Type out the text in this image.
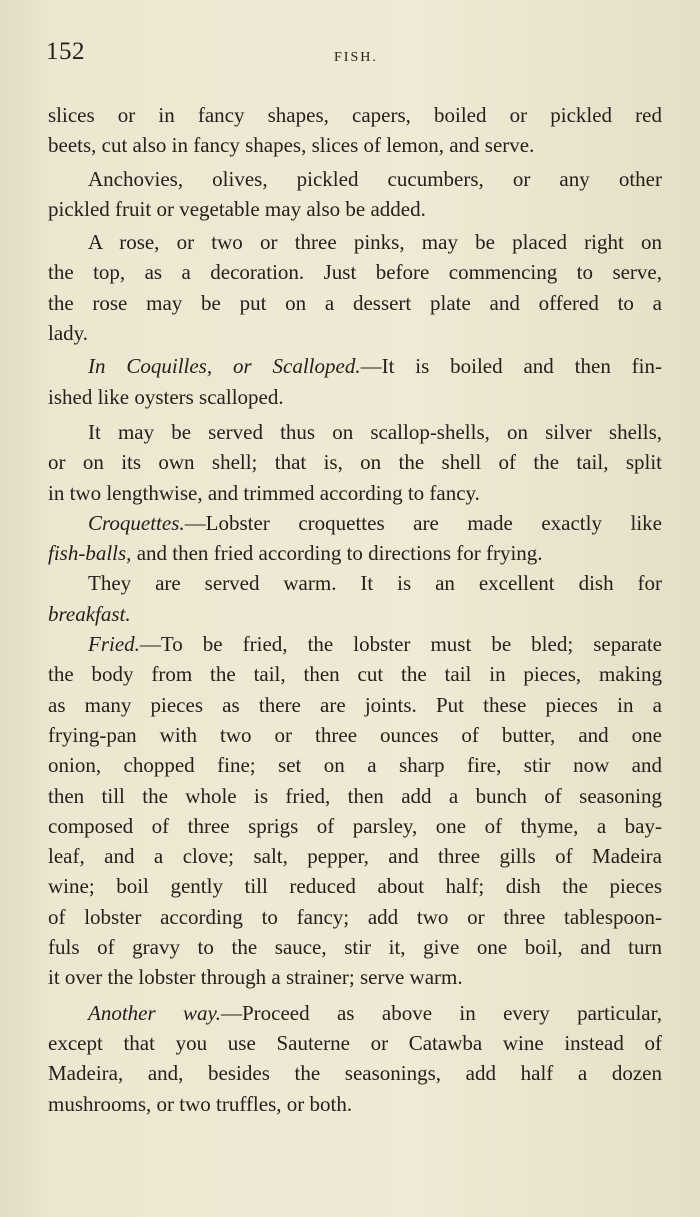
152	FISH.
slices or in fancy shapes, capers, boiled or pickled red
beets, cut also in fancy shapes, slices of lemon, and serve.
Anchovies, olives, pickled cucumbers, or any other
pickled fruit or vegetable may also be added.
A rose, or two or three pinks, may be placed right on
the top, as a decoration. Just before commencing to serve,
the rose may be put on a dessert plate and offered to a
lady.
In Coquilles, or Scalloped.—It is boiled and then fin-
ished like oysters scalloped.
It may be served thus on scallop-shells, on silver shells,
or on its own shell; that is, on the shell of the tail, split
in two lengthwise, and trimmed according to fancy.
Croquettes.—Lobster croquettes are made exactly like
fish-balls, and then fried according to directions for frying.
They are served warm. It is an excellent dish for
breakfast.
Fried.—To be fried, the lobster must be bled; separate
the body from the tail, then cut the tail in pieces, making
as many pieces as there are joints. Put these pieces in a
frying-pan with two or three ounces of butter, and one
onion, chopped fine; set on a sharp fire, stir now and
then till the whole is fried, then add a bunch of seasoning
composed of three sprigs of parsley, one of thyme, a bay-
leaf, and a clove; salt, pepper, and three gills of Madeira
wine; boil gently till reduced about half; dish the pieces
of lobster according to fancy; add two or three tablespoon-
fuls of gravy to the sauce, stir it, give one boil, and turn
it over the lobster through a strainer; serve warm.
Another way.—Proceed as above in every particular,
except that you use Sauterne or Catawba wine instead of
Madeira, and, besides the seasonings, add half a dozen
mushrooms, or two truffles, or both.
